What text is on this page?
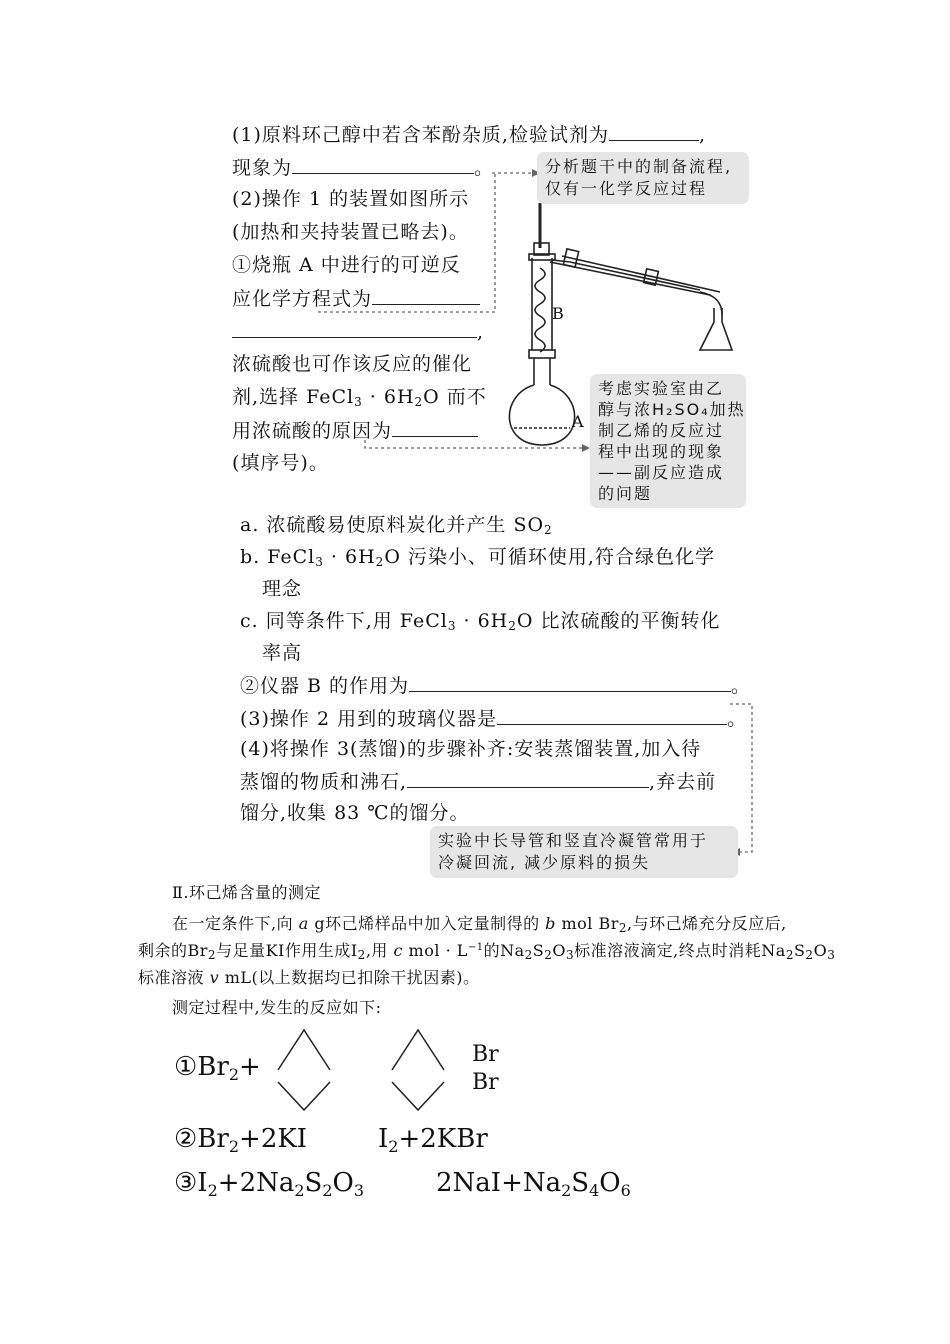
(1)原料环己醇中若含苯酚杂质,检验试剂为	,
现象为	。
(2)操作 1 的装置如图所示
(加热和夹持装置已略去)。
①烧瓶 A 中进行的可逆反
应化学方程式为
,
浓硫酸也可作该反应的催化
剂,选择 FeCl$_3$ · $6H_2O$ 而不
用浓硫酸的原因为
(填序号)。
B
A
分析题干中的制备流程,
仅有一化学反应过程
考虑实验室由乙
醇与浓H₂SO₄加热
制乙烯的反应过
程中出现的现象
——副反应造成
的问题
实验中长导管和竖直冷凝管常用于
冷凝回流, 减少原料的损失
a. 浓硫酸易使原料炭化并产生 $SO_2$
b. FeCl$_3$ · $6H_2O$ 污染小、可循环使用,符合绿色化学
理念
c. 同等条件下,用 FeCl$_3$ · $6H_2O$ 比浓硫酸的平衡转化
率高
②仪器 B 的作用为	。
(3)操作 2 用到的玻璃仪器是	。
(4)将操作 3(蒸馏)的步骤补齐:安装蒸馏装置,加入待
蒸馏的物质和沸石,	,弃去前
馏分,收集 83 ℃的馏分。
Ⅱ.环己烯含量的测定
在一定条件下,向 a g环己烯样品中加入定量制得的 b mol $Br_2$,与环己烯充分反应后,
剩余的$Br_2$与足量KI作用生成$I_2$,用 c mol · $L^{-1}$的$Na_2S_2O_3$标准溶液滴定,终点时消耗$Na_2S_2O_3$
标准溶液 v mL(以上数据均已扣除干扰因素)。
测定过程中,发生的反应如下:
$①Br_2+$	Br
Br
$②Br_2+2KI$	$I_2+2KBr$
$③I_2+2Na_2S_2O_3$	$2NaI+Na_2S_4O_6$
